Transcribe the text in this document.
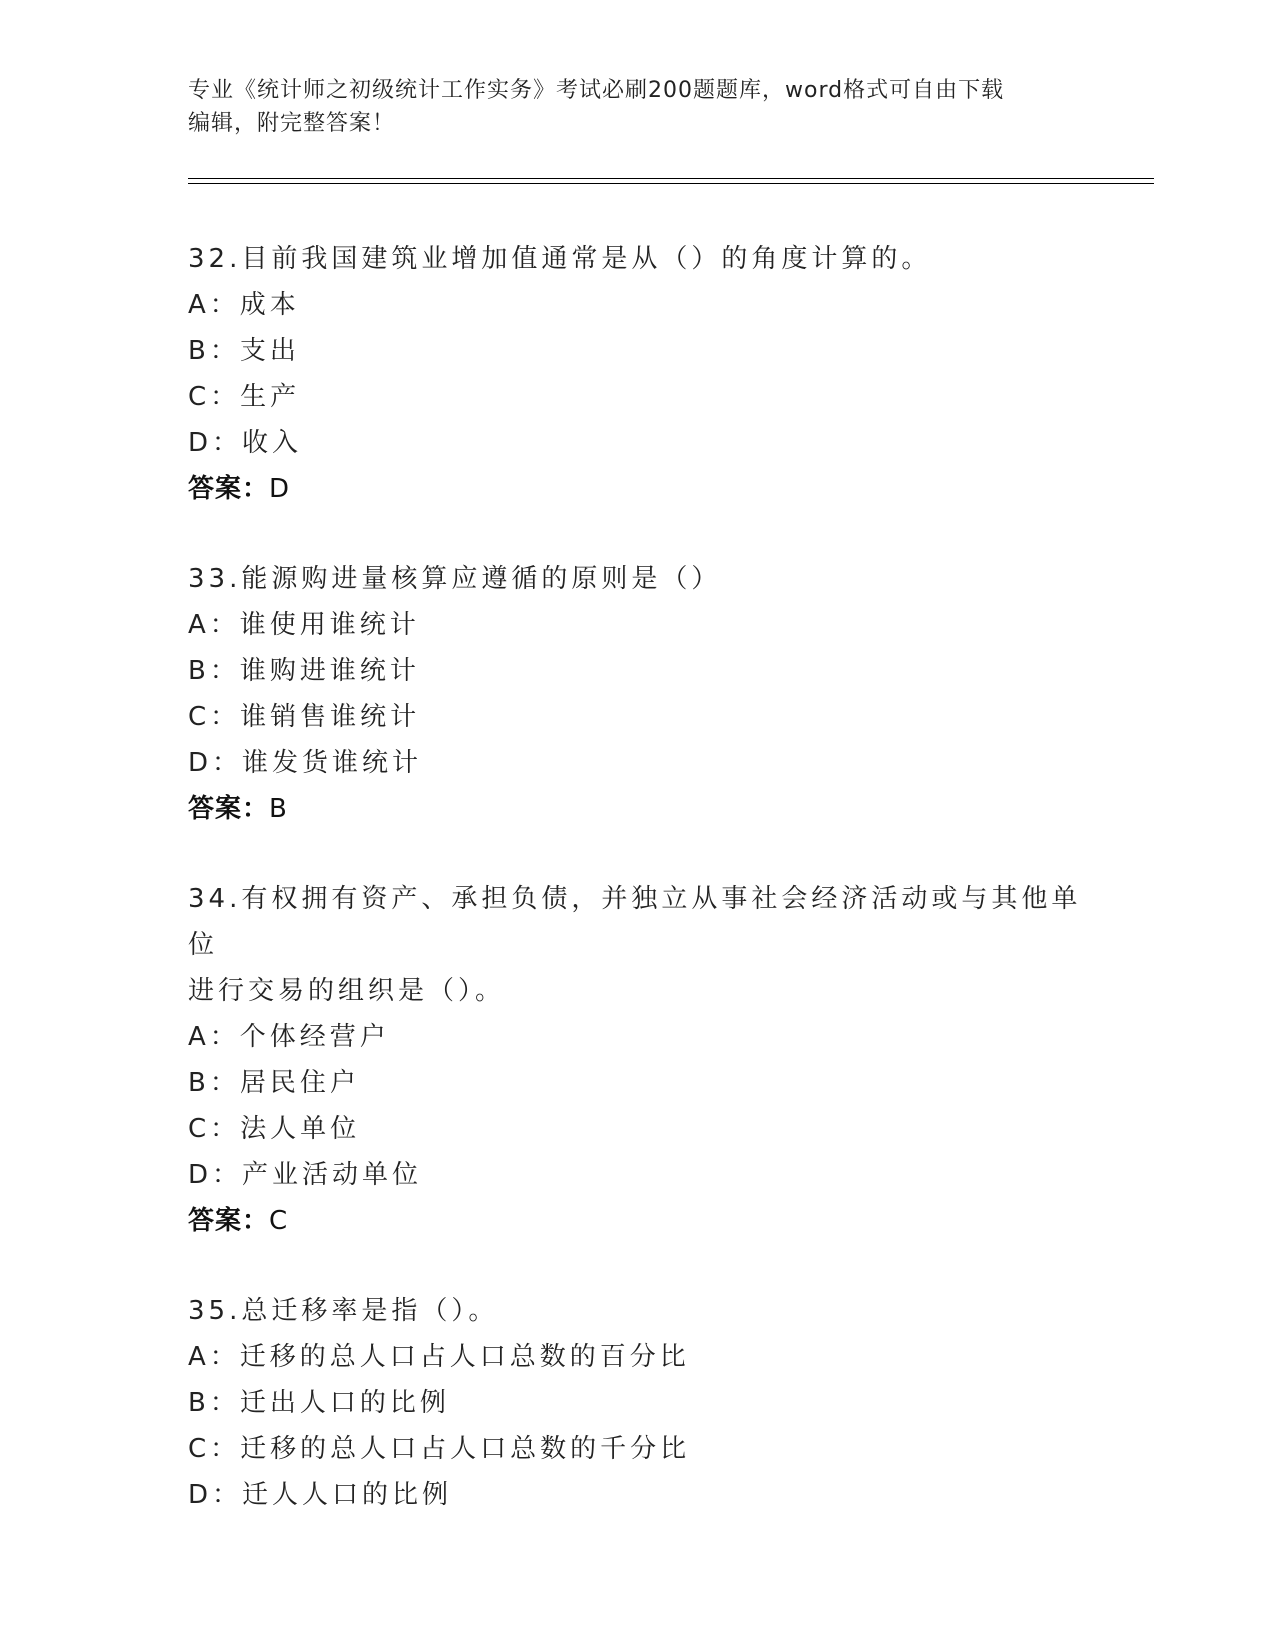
专业《统计师之初级统计工作实务》考试必刷200题题库，word格式可自由下载
编辑，附完整答案！
32.目前我国建筑业增加值通常是从（）的角度计算的。
A：成本
B：支出
C：生产
D：收入
答案：D
33.能源购进量核算应遵循的原则是（）
A：谁使用谁统计
B：谁购进谁统计
C：谁销售谁统计
D：谁发货谁统计
答案：B
34.有权拥有资产、承担负债，并独立从事社会经济活动或与其他单位
进行交易的组织是（）。
A：个体经营户
B：居民住户
C：法人单位
D：产业活动单位
答案：C
35.总迁移率是指（）。
A：迁移的总人口占人口总数的百分比
B：迁出人口的比例
C：迁移的总人口占人口总数的千分比
D：迁人人口的比例
